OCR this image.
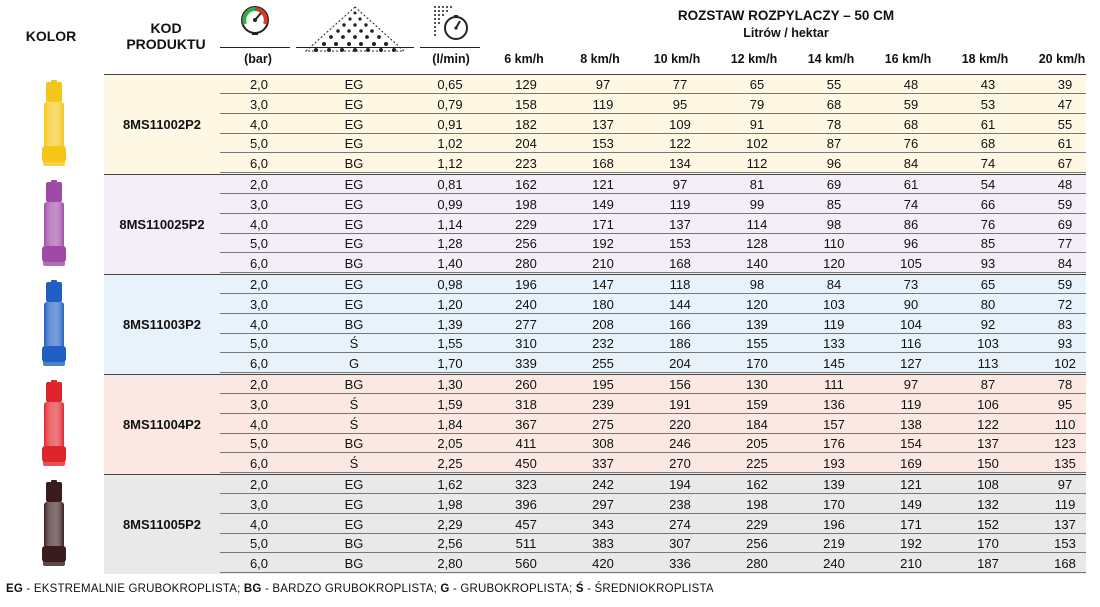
KOLOR	KOD
PRODUKTU
ROZSTAW ROZPYLACZY – 50 CM
Litrów / hektar
(bar)	(l/min)	6 km/h	8 km/h	10 km/h	12 km/h	14 km/h	16 km/h	18 km/h	20 km/h
8MS11002P2
2,0	EG	0,65	129	97	77	65	55	48	43	39
3,0	EG	0,79	158	119	95	79	68	59	53	47
4,0	EG	0,91	182	137	109	91	78	68	61	55
5,0	EG	1,02	204	153	122	102	87	76	68	61
6,0	BG	1,12	223	168	134	112	96	84	74	67
8MS110025P2
2,0	EG	0,81	162	121	97	81	69	61	54	48
3,0	EG	0,99	198	149	119	99	85	74	66	59
4,0	EG	1,14	229	171	137	114	98	86	76	69
5,0	EG	1,28	256	192	153	128	110	96	85	77
6,0	BG	1,40	280	210	168	140	120	105	93	84
8MS11003P2
2,0	EG	0,98	196	147	118	98	84	73	65	59
3,0	EG	1,20	240	180	144	120	103	90	80	72
4,0	BG	1,39	277	208	166	139	119	104	92	83
5,0	Ś	1,55	310	232	186	155	133	116	103	93
6,0	G	1,70	339	255	204	170	145	127	113	102
8MS11004P2
2,0	BG	1,30	260	195	156	130	111	97	87	78
3,0	Ś	1,59	318	239	191	159	136	119	106	95
4,0	Ś	1,84	367	275	220	184	157	138	122	110
5,0	BG	2,05	411	308	246	205	176	154	137	123
6,0	Ś	2,25	450	337	270	225	193	169	150	135
8MS11005P2
2,0	EG	1,62	323	242	194	162	139	121	108	97
3,0	EG	1,98	396	297	238	198	170	149	132	119
4,0	EG	2,29	457	343	274	229	196	171	152	137
5,0	BG	2,56	511	383	307	256	219	192	170	153
6,0	BG	2,80	560	420	336	280	240	210	187	168
EG - EKSTREMALNIE GRUBOKROPLISTA; BG - BARDZO GRUBOKROPLISTA; G - GRUBOKROPLISTA; Ś - ŚREDNIOKROPLISTA
